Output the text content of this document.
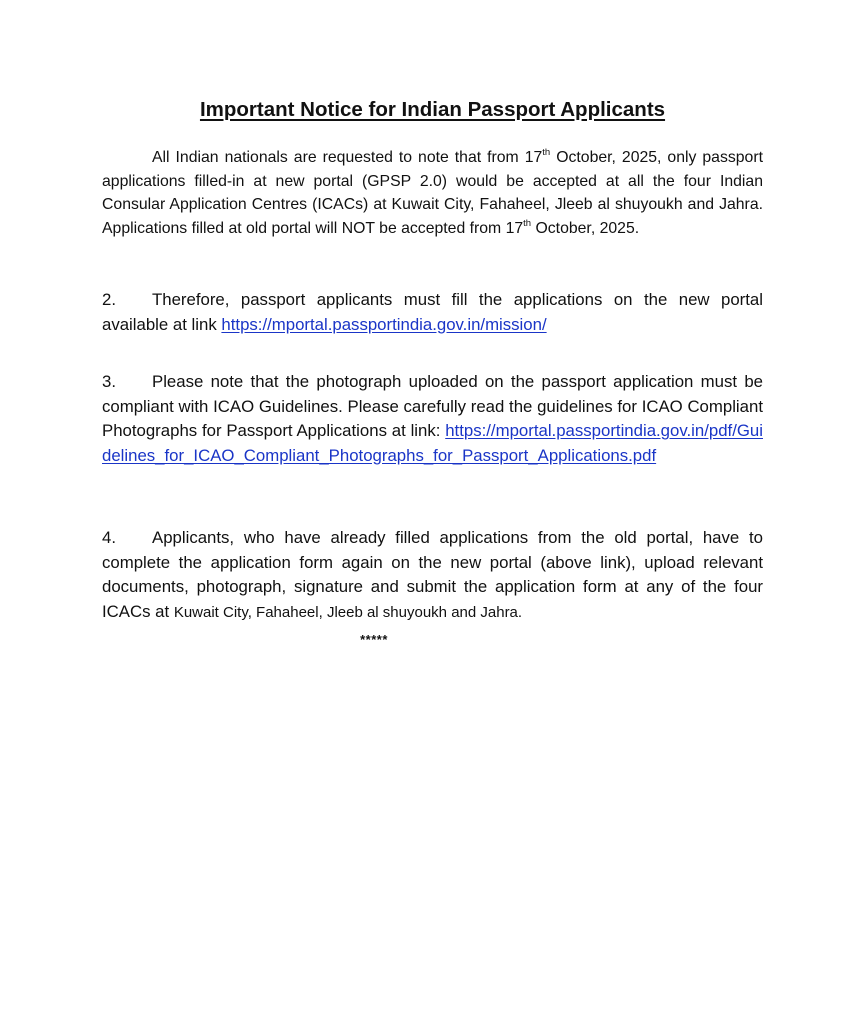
Important Notice for Indian Passport Applicants
All Indian nationals are requested to note that from 17th October, 2025, only passport applications filled-in at new portal (GPSP 2.0) would be accepted at all the four Indian Consular Application Centres (ICACs) at Kuwait City, Fahaheel, Jleeb al shuyoukh and Jahra. Applications filled at old portal will NOT be accepted from 17th October, 2025.
2. Therefore, passport applicants must fill the applications on the new portal available at link https://mportal.passportindia.gov.in/mission/
3. Please note that the photograph uploaded on the passport application must be compliant with ICAO Guidelines. Please carefully read the guidelines for ICAO Compliant Photographs for Passport Applications at link: https://mportal.passportindia.gov.in/pdf/Guidelines_for_ICAO_Compliant_Photographs_for_Passport_Applications.pdf
4. Applicants, who have already filled applications from the old portal, have to complete the application form again on the new portal (above link), upload relevant documents, photograph, signature and submit the application form at any of the four ICACs at Kuwait City, Fahaheel, Jleeb al shuyoukh and Jahra.
*****
